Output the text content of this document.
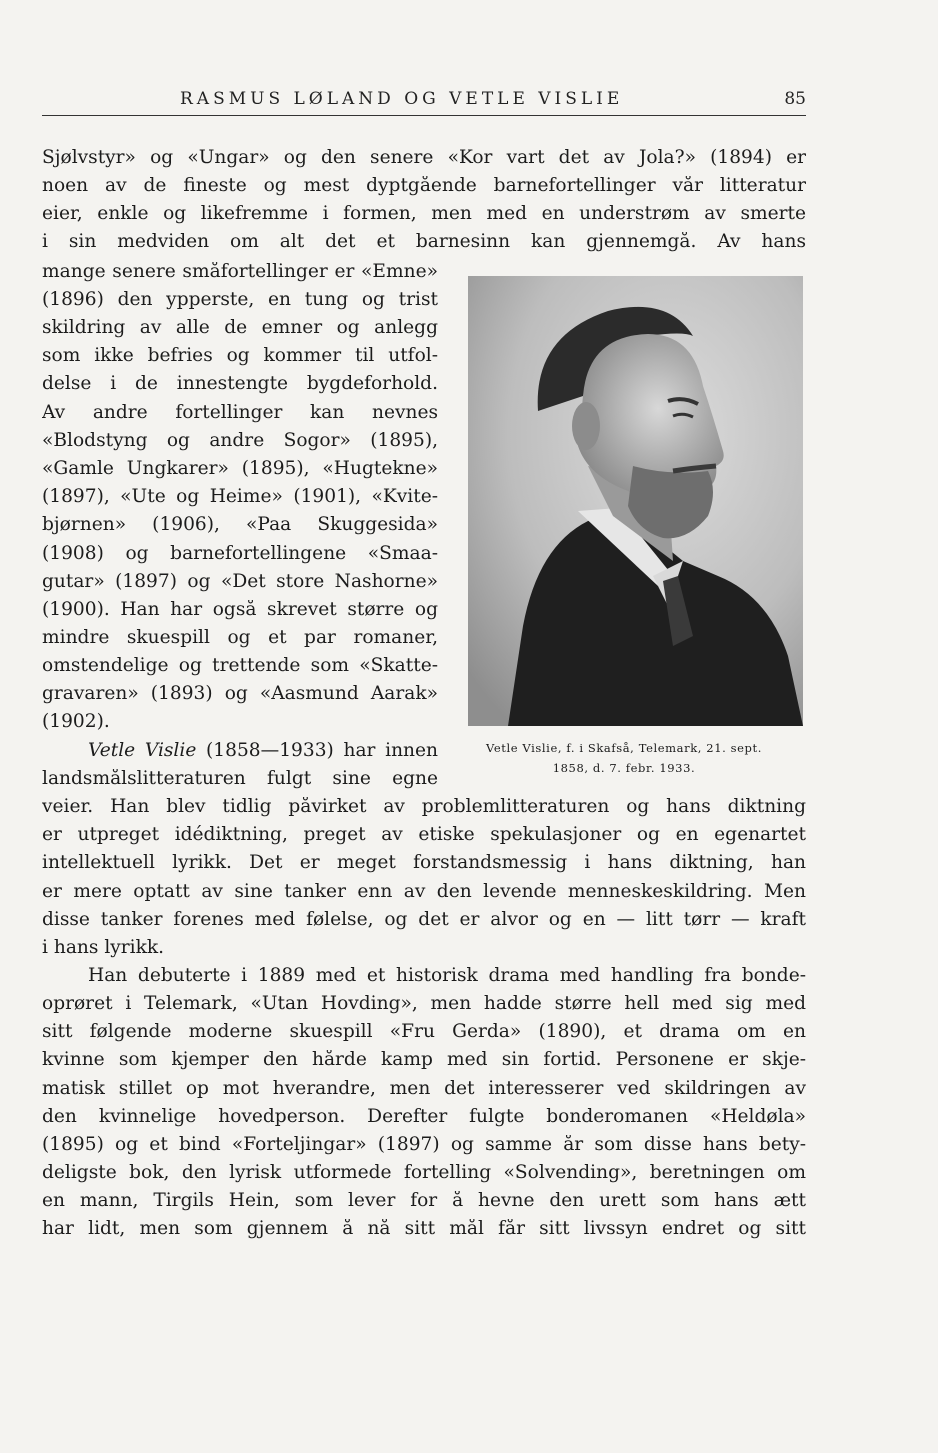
RASMUS LØLAND OG VETLE VISLIE	85
Sjølvstyr» og «Ungar» og den senere «Kor vart det av Jola?» (1894) er
noen av de fineste og mest dyptgående barnefortellinger vår litteratur
eier, enkle og likefremme i formen, men med en understrøm av smerte
i sin medviden om alt det et barnesinn kan gjennemgå. Av hans
mange senere småfortellinger er «Emne»
(1896) den ypperste, en tung og trist
skildring av alle de emner og anlegg
som ikke befries og kommer til utfol-
delse i de innestengte bygdeforhold.
Av andre fortellinger kan nevnes
«Blodstyng og andre Sogor» (1895),
«Gamle Ungkarer» (1895), «Hugtekne»
(1897), «Ute og Heime» (1901), «Kvite-
bjørnen» (1906), «Paa Skuggesida»
(1908) og barnefortellingene «Smaa-
gutar» (1897) og «Det store Nashorne»
(1900). Han har også skrevet større og
mindre skuespill og et par romaner,
omstendelige og trettende som «Skatte-
gravaren» (1893) og «Aasmund Aarak»
(1902).
Vetle Vislie (1858—1933) har innen
landsmålslitteraturen fulgt sine egne
veier. Han blev tidlig påvirket av problemlitteraturen og hans diktning
er utpreget idédiktning, preget av etiske spekulasjoner og en egenartet
intellektuell lyrikk. Det er meget forstandsmessig i hans diktning, han
er mere optatt av sine tanker enn av den levende menneskeskildring. Men
disse tanker forenes med følelse, og det er alvor og en — litt tørr — kraft
i hans lyrikk.
Han debuterte i 1889 med et historisk drama med handling fra bonde-
oprøret i Telemark, «Utan Hovding», men hadde større hell med sig med
sitt følgende moderne skuespill «Fru Gerda» (1890), et drama om en
kvinne som kjemper den hårde kamp med sin fortid. Personene er skje-
matisk stillet op mot hverandre, men det interesserer ved skildringen av
den kvinnelige hovedperson. Derefter fulgte bonderomanen «Heldøla»
(1895) og et bind «Forteljingar» (1897) og samme år som disse hans bety-
deligste bok, den lyrisk utformede fortelling «Solvending», beretningen om
en mann, Tirgils Hein, som lever for å hevne den urett som hans ætt
har lidt, men som gjennem å nå sitt mål får sitt livssyn endret og sitt
Vetle Vislie, f. i Skafså, Telemark, 21. sept.
1858, d. 7. febr. 1933.
